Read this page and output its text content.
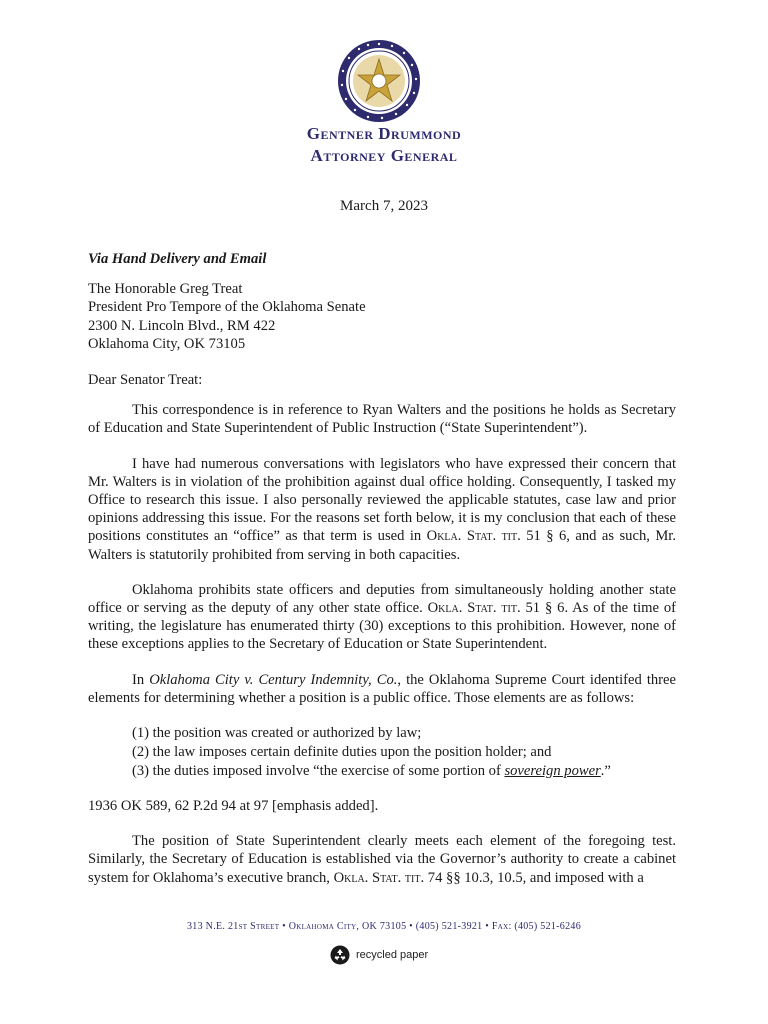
Gentner Drummond
Attorney General
March 7, 2023

Via Hand Delivery and Email

The Honorable Greg Treat

President Pro Tempore of the Oklahoma Senate

2300 N. Lincoln Blvd., RM 422

Oklahoma City, OK 73105

Dear Senator Treat:

This correspondence is in reference to Ryan Walters and the positions he holds as Secretary of Education and State Superintendent of Public Instruction (“State Superintendent”).

I have had numerous conversations with legislators who have expressed their concern that Mr. Walters is in violation of the prohibition against dual office holding. Consequently, I tasked my Office to research this issue. I also personally reviewed the applicable statutes, case law and prior opinions addressing this issue. For the reasons set forth below, it is my conclusion that each of these positions constitutes an “office” as that term is used in Okla. Stat. tit. 51 § 6, and as such, Mr. Walters is statutorily prohibited from serving in both capacities.

Oklahoma prohibits state officers and deputies from simultaneously holding another state office or serving as the deputy of any other state office. Okla. Stat. tit. 51 § 6. As of the time of writing, the legislature has enumerated thirty (30) exceptions to this prohibition. However, none of these exceptions applies to the Secretary of Education or State Superintendent.

In Oklahoma City v. Century Indemnity, Co., the Oklahoma Supreme Court identifed three elements for determining whether a position is a public office. Those elements are as follows:

(1) the position was created or authorized by law;

(2) the law imposes certain definite duties upon the position holder; and

(3) the duties imposed involve “the exercise of some portion of sovereign power.”

1936 OK 589, 62 P.2d 94 at 97 [emphasis added].

The position of State Superintendent clearly meets each element of the foregoing test. Similarly, the Secretary of Education is established via the Governor’s authority to create a cabinet system for Oklahoma’s executive branch, Okla. Stat. tit. 74 §§ 10.3, 10.5, and imposed with a

313 N.E. 21st Street • Oklahoma City, OK 73105 • (405) 521-3921 • Fax: (405) 521-6246
recycled paper
